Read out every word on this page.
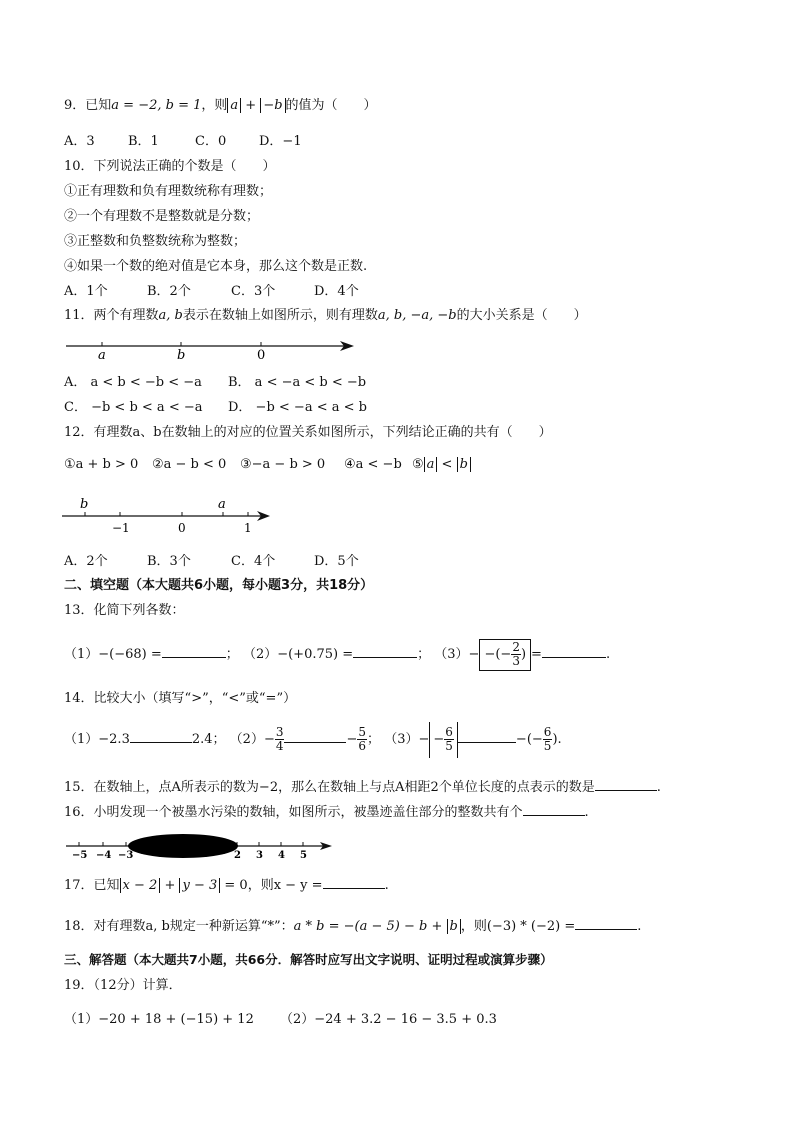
9．已知a = −2, b = 1，则 a + −b 的值为（　　）
A．3	B．1	C．0	D．−1
10．下列说法正确的个数是（　　）
①正有理数和负有理数统称有理数；
②一个有理数不是整数就是分数；
③正整数和负整数统称为整数；
④如果一个数的绝对值是它本身，那么这个数是正数.
A．1个	B．2个	C．3个	D．4个
11．两个有理数a, b表示在数轴上如图所示，则有理数a, b, −a, −b的大小关系是（　　）
a	b	0
A． a < b < −b < −a B． a < −a < b < −b
C． −b < b < a < −a D． −b < −a < a < b
12．有理数a、b在数轴上的对应的位置关系如图所示，下列结论正确的共有（　　）
①a + b > 0 ②a − b < 0 ③−a − b > 0 ④a < −b ⑤ a < b
b	a
−1	0	1
A．2个	B．3个	C．4个	D．5个
二、填空题（本大题共6小题，每小题3分，共18分）
13．化简下列各数：
（1）−(−68) =	； （2）−(+0.75) =	； （3）− −(− $\frac{2}{3}$ ) =	.
14．比较大小（填写“>”，“<”或“=”）
（1）−2.3	2.4； $(2)- \frac{3}{4}$	− $\frac{5}{6}$ ； $(3)- - \frac{6}{5}$	−(− $\frac{6}{5}$ ).
15．在数轴上，点A所表示的数为−2，那么在数轴上与点A相距2个单位长度的点表示的数是	.
16．小明发现一个被墨水污染的数轴，如图所示，被墨迹盖住部分的整数共有个	.
−5 −4 −3	2 3 4 5
17．已知 x − 2 + y − 3 = 0，则x − y =	.
18．对有理数a, b规定一种新运算“*”：a * b = −(a − 5) − b + b ，则(−3) * (−2) =	.
三、解答题（本大题共7小题，共66分．解答时应写出文字说明、证明过程或演算步骤）
19．（12分）计算．
（1）−20 + 18 + (−15) + 12 （2）−24 + 3.2 − 16 − 3.5 + 0.3
